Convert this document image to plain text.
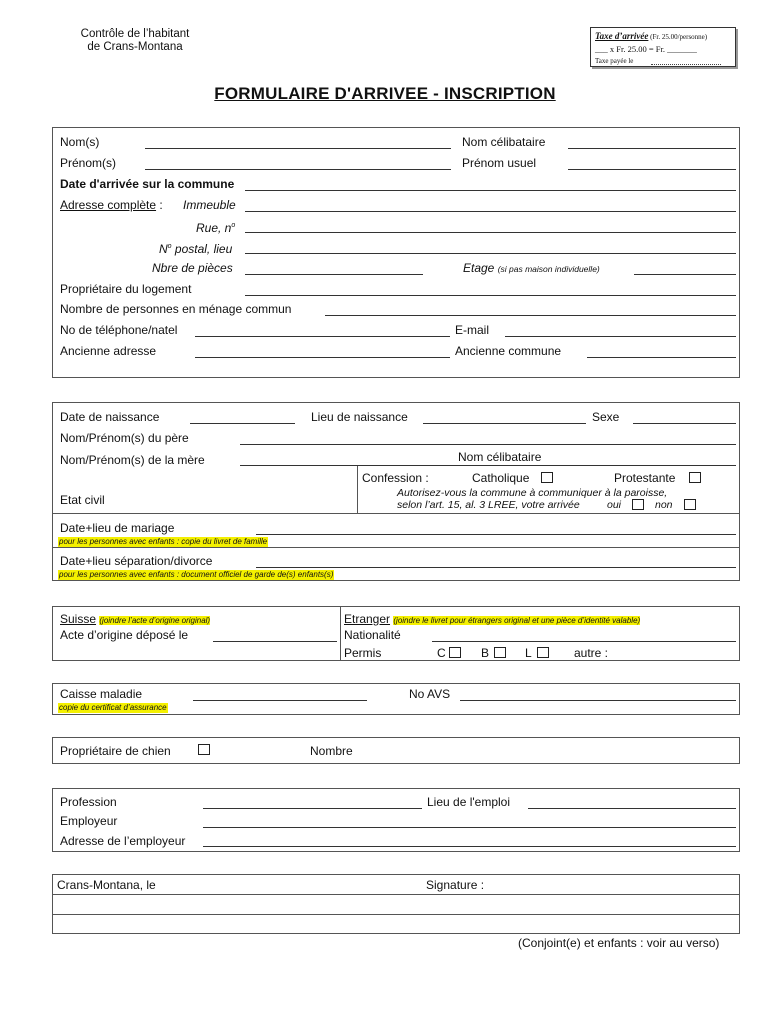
Contrôle de l’habitant
de Crans-Montana
Taxe d’arrivée (Fr. 25.00/personne)
___ x Fr. 25.00 = Fr. _______
Taxe payée le
FORMULAIRE D'ARRIVEE - INSCRIPTION
Nom(s)	Nom célibataire
Prénom(s)	Prénom usuel
Date d'arrivée sur la commune
Adresse complète : Immeuble
Rue, $n^o$
$N^o$ postal, lieu
Nbre de pièces	Etage (si pas maison individuelle)
Propriétaire du logement
Nombre de personnes en ménage commun
No de téléphone/natel	E-mail
Ancienne adresse	Ancienne commune
Date de naissance	Lieu de naissance	Sexe
Nom/Prénom(s) du père
Nom/Prénom(s) de la mère	Nom célibataire
Confession :	Catholique	Protestante
Etat civil	Autorisez-vous la commune à communiquer à la paroisse,
selon l’art. 15, al. 3 LREE, votre arrivée	oui	non
Date+lieu de mariage
pour les personnes avec enfants : copie du livret de famille
Date+lieu séparation/divorce
pour les personnes avec enfants : document officiel de garde de(s) enfants(s)
Suisse (joindre l’acte d’origine original)
Acte d’origine déposé le
Etranger (joindre le livret pour étrangers original et une pièce d’identité valable)
Nationalité
Permis	C	B	L	autre :
Caisse maladie	No AVS
copie du certificat d’assurance
Propriétaire de chien	Nombre
Profession	Lieu de l'emploi
Employeur
Adresse de l’employeur
Crans-Montana, le	Signature :
(Conjoint(e) et enfants : voir au verso)
